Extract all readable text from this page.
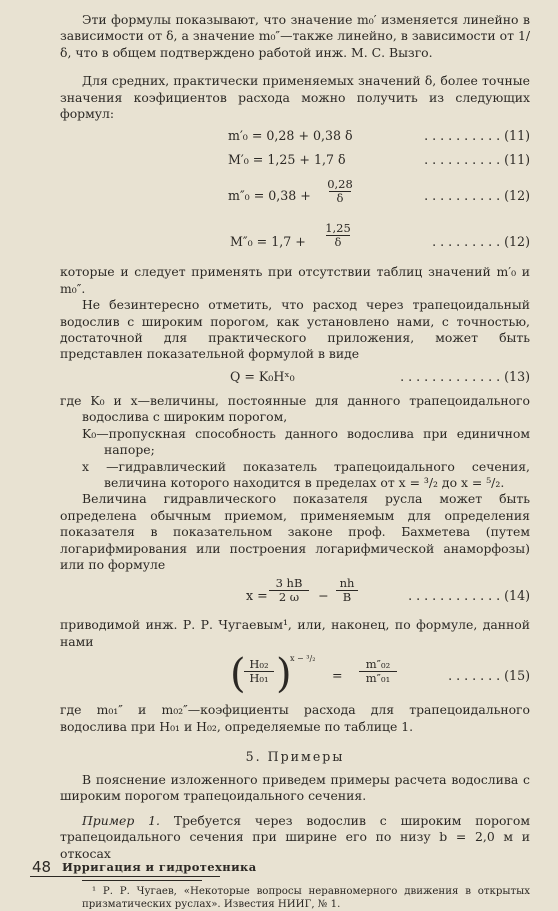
Эти формулы показывают, что значение m₀′ изменяется линейно в зависимости от δ, а значение m₀″—также линейно, в зависимости от 1/δ, что в общем подтверждено работой инж. М. С. Вызго.

Для средних, практически применяемых значений δ, более точные значения коэфициентов расхода можно получить из следующих формул:

m′₀ = 0,28 + 0,38 δ	. . . . . . . . . . (11)
M′₀ = 1,25 + 1,7 δ	. . . . . . . . . . (11)
m″₀ = 0,38 +
0,28
δ	. . . . . . . . . . (12)
M″₀ = 1,7 +
1,25
δ	. . . . . . . . . (12)

которые и следует применять при отсутствии таблиц значений m′₀ и m₀″.

Не безинтересно отметить, что расход через трапецоидальный водослив с широким порогом, как установлено нами, с точностью, достаточной для практического приложения, может быть представлен показательной формулой в виде

Q = K₀Hˣ₀	. . . . . . . . . . . . . (13)

где K₀ и x—величины, постоянные для данного трапецоидального водослива с широким порогом,

K₀—пропускная способность данного водослива при единичном напоре;

x —гидравлический показатель трапецоидального сечения, величина которого находится в пределах от x = ³/₂ до x = ⁵/₂.

Величина гидравлического показателя русла может быть определена обычным приемом, применяемым для определения показателя в показательном законе проф. Бахметева (путем логарифмирования или построения логарифмической анаморфозы) или по формуле

x =
3 hB
2 ω	−
nh
B	. . . . . . . . . . . . (14)

приводимой инж. Р. Р. Чугаевым¹, или, наконец, по формуле, данной нами

( H₀₂
H₀₁ )
x − ³/₂
=
m″₀₂
m″₀₁	. . . . . . . (15)

где m₀₁″ и m₀₂″—коэфициенты расхода для трапецоидального водослива при H₀₁ и H₀₂, определяемые по таблице 1.

5. Примеры

В пояснение изложенного приведем примеры расчета водослива с широким порогом трапецоидального сечения.

Пример 1. Требуется через водослив с широким порогом трапецоидального сечения при ширине его по низу b = 2,0 м и откосах

¹ Р. Р. Чугаев, «Некоторые вопросы неравномерного движения в открытых призматических руслах». Известия НИИГ, № 1.

48 Ирригация и гидротехника
